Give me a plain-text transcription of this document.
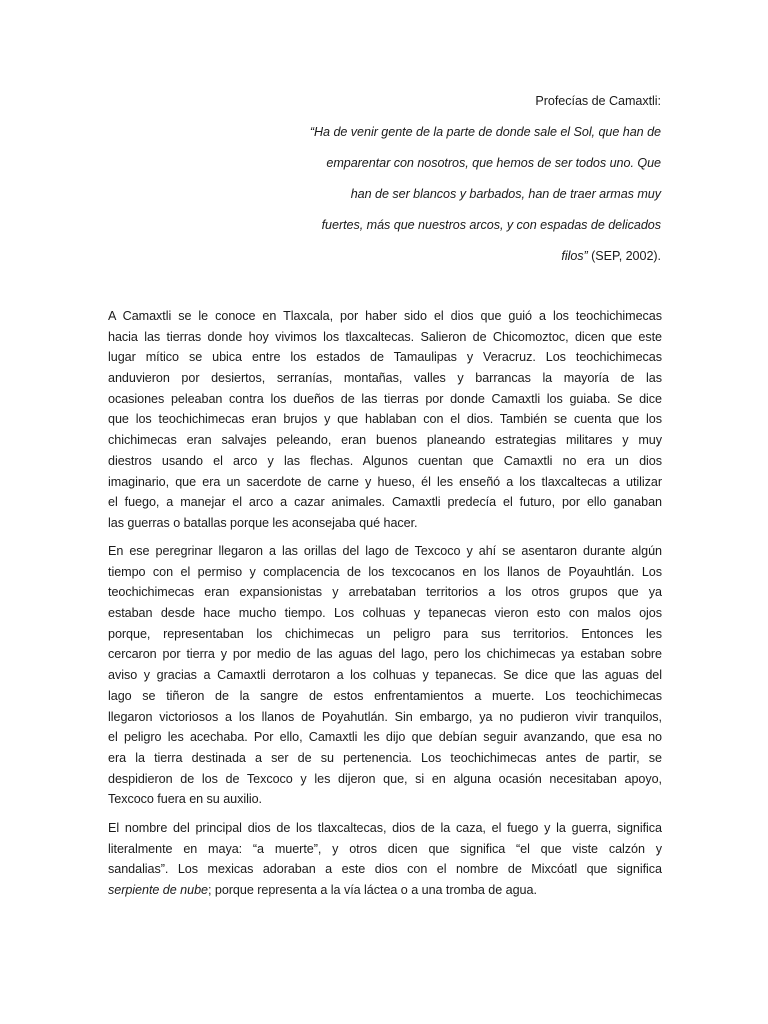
Profecías de Camaxtli:
“Ha de venir gente de la parte de donde sale el Sol, que han de
emparentar con nosotros, que hemos de ser todos uno. Que
han de ser blancos y barbados, han de traer armas muy
fuertes, más que nuestros arcos, y con espadas de delicados
filos” (SEP, 2002).
A Camaxtli se le conoce en Tlaxcala, por haber sido el dios que guió a los teochichimecas
hacia las tierras donde hoy vivimos los tlaxcaltecas. Salieron de Chicomoztoc, dicen que este
lugar mítico se ubica entre los estados de Tamaulipas y Veracruz. Los teochichimecas
anduvieron por desiertos, serranías, montañas, valles y barrancas la mayoría de las
ocasiones peleaban contra los dueños de las tierras por donde Camaxtli los guiaba. Se dice
que los teochichimecas eran brujos y que hablaban con el dios. También se cuenta que los
chichimecas eran salvajes peleando, eran buenos planeando estrategias militares y muy
diestros usando el arco y las flechas. Algunos cuentan que Camaxtli no era un dios
imaginario, que era un sacerdote de carne y hueso, él les enseñó a los tlaxcaltecas a utilizar
el fuego, a manejar el arco a cazar animales. Camaxtli predecía el futuro, por ello ganaban
las guerras o batallas porque les aconsejaba qué hacer.
En ese peregrinar llegaron a las orillas del lago de Texcoco y ahí se asentaron durante algún
tiempo con el permiso y complacencia de los texcocanos en los llanos de Poyauhtlán. Los
teochichimecas eran expansionistas y arrebataban territorios a los otros grupos que ya
estaban desde hace mucho tiempo. Los colhuas y tepanecas vieron esto con malos ojos
porque, representaban los chichimecas un peligro para sus territorios. Entonces les
cercaron por tierra y por medio de las aguas del lago, pero los chichimecas ya estaban sobre
aviso y gracias a Camaxtli derrotaron a los colhuas y tepanecas. Se dice que las aguas del
lago se tiñeron de la sangre de estos enfrentamientos a muerte. Los teochichimecas
llegaron victoriosos a los llanos de Poyahutlán. Sin embargo, ya no pudieron vivir tranquilos,
el peligro les acechaba. Por ello, Camaxtli les dijo que debían seguir avanzando, que esa no
era la tierra destinada a ser de su pertenencia. Los teochichimecas antes de partir, se
despidieron de los de Texcoco y les dijeron que, si en alguna ocasión necesitaban apoyo,
Texcoco fuera en su auxilio.
El nombre del principal dios de los tlaxcaltecas, dios de la caza, el fuego y la guerra, significa
literalmente en maya: “a muerte”, y otros dicen que significa “el que viste calzón y
sandalias”. Los mexicas adoraban a este dios con el nombre de Mixcóatl que significa
serpiente de nube; porque representa a la vía láctea o a una tromba de agua.
